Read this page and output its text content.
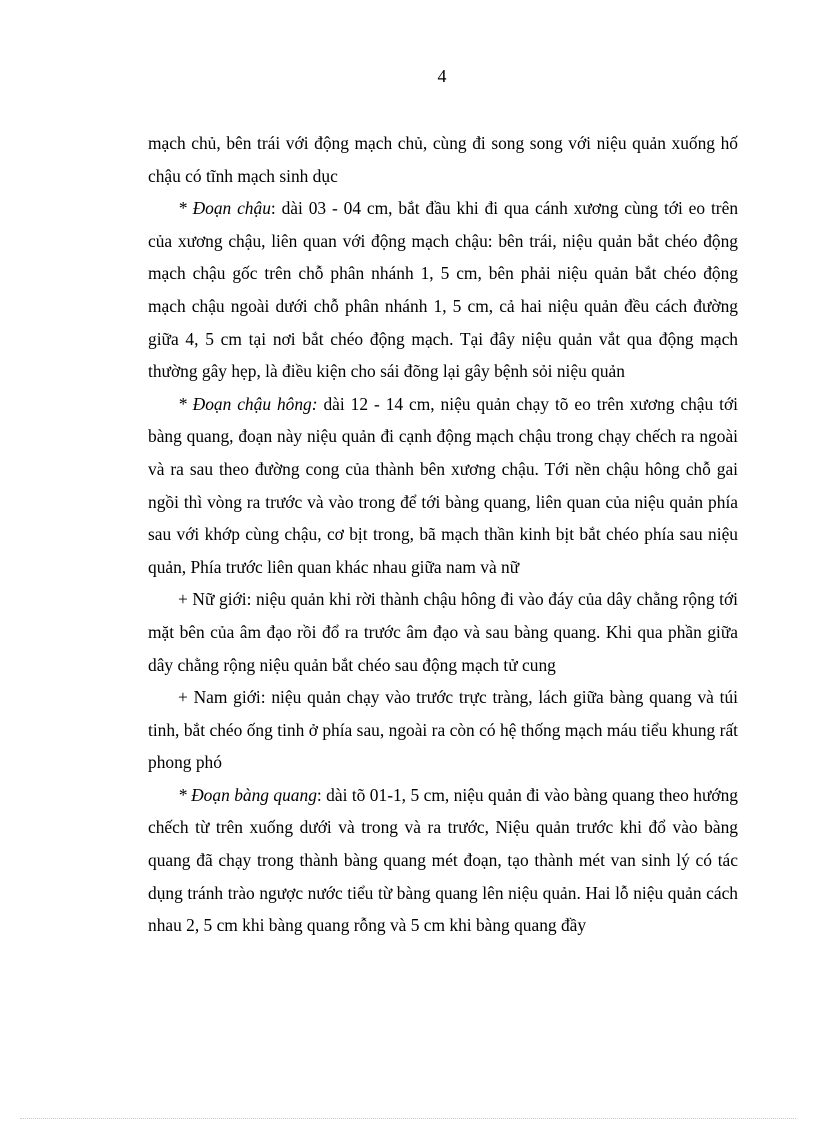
4

mạch chủ, bên trái với động mạch chủ, cùng đi song song với niệu quản xuống hố chậu có tĩnh mạch sinh dục

* Đoạn chậu: dài 03 - 04 cm, bắt đầu khi đi qua cánh xương cùng tới eo trên của xương chậu, liên quan với động mạch chậu: bên trái, niệu quản bắt chéo động mạch chậu gốc trên chỗ phân nhánh 1, 5 cm, bên phải niệu quản bắt chéo động mạch chậu ngoài dưới chỗ phân nhánh 1, 5 cm, cả hai niệu quản đều cách đường giữa 4, 5 cm tại nơi bắt chéo động mạch. Tại đây niệu quản vắt qua động mạch thường gây hẹp, là điều kiện cho sái đõng lại gây bệnh sỏi niệu quản

* Đoạn chậu hông: dài 12 - 14 cm, niệu quản chạy tõ eo trên xương chậu tới bàng quang, đoạn này niệu quản đi cạnh động mạch chậu trong chạy chếch ra ngoài và ra sau theo đường cong của thành bên xương chậu. Tới nền chậu hông chỗ gai ngồi thì vòng ra trước và vào trong để tới bàng quang, liên quan của niệu quản phía sau với khớp cùng chậu, cơ bịt trong, bã mạch thần kinh bịt bắt chéo phía sau niệu quản, Phía trước liên quan khác nhau giữa nam và nữ

+ Nữ giới: niệu quản khi rời thành chậu hông đi vào đáy của dây chằng rộng tới mặt bên của âm đạo rồi đổ ra trước âm đạo và sau bàng quang. Khi qua phần giữa dây chằng rộng niệu quản bắt chéo sau động mạch tử cung

+ Nam giới: niệu quản chạy vào trước trực tràng, lách giữa bàng quang và túi tinh, bắt chéo ống tinh ở phía sau, ngoài ra còn có hệ thống mạch máu tiểu khung rất phong phó

* Đoạn bàng quang: dài tõ 01-1, 5 cm, niệu quản đi vào bàng quang theo hướng chếch từ trên xuống dưới và trong và ra trước, Niệu quản trước khi đổ vào bàng quang đã chạy trong thành bàng quang mét đoạn, tạo thành mét van sinh lý có tác dụng tránh trào ngược nước tiểu từ bàng quang lên niệu quản. Hai lỗ niệu quản cách nhau 2, 5 cm khi bàng quang rỗng và 5 cm khi bàng quang đầy
